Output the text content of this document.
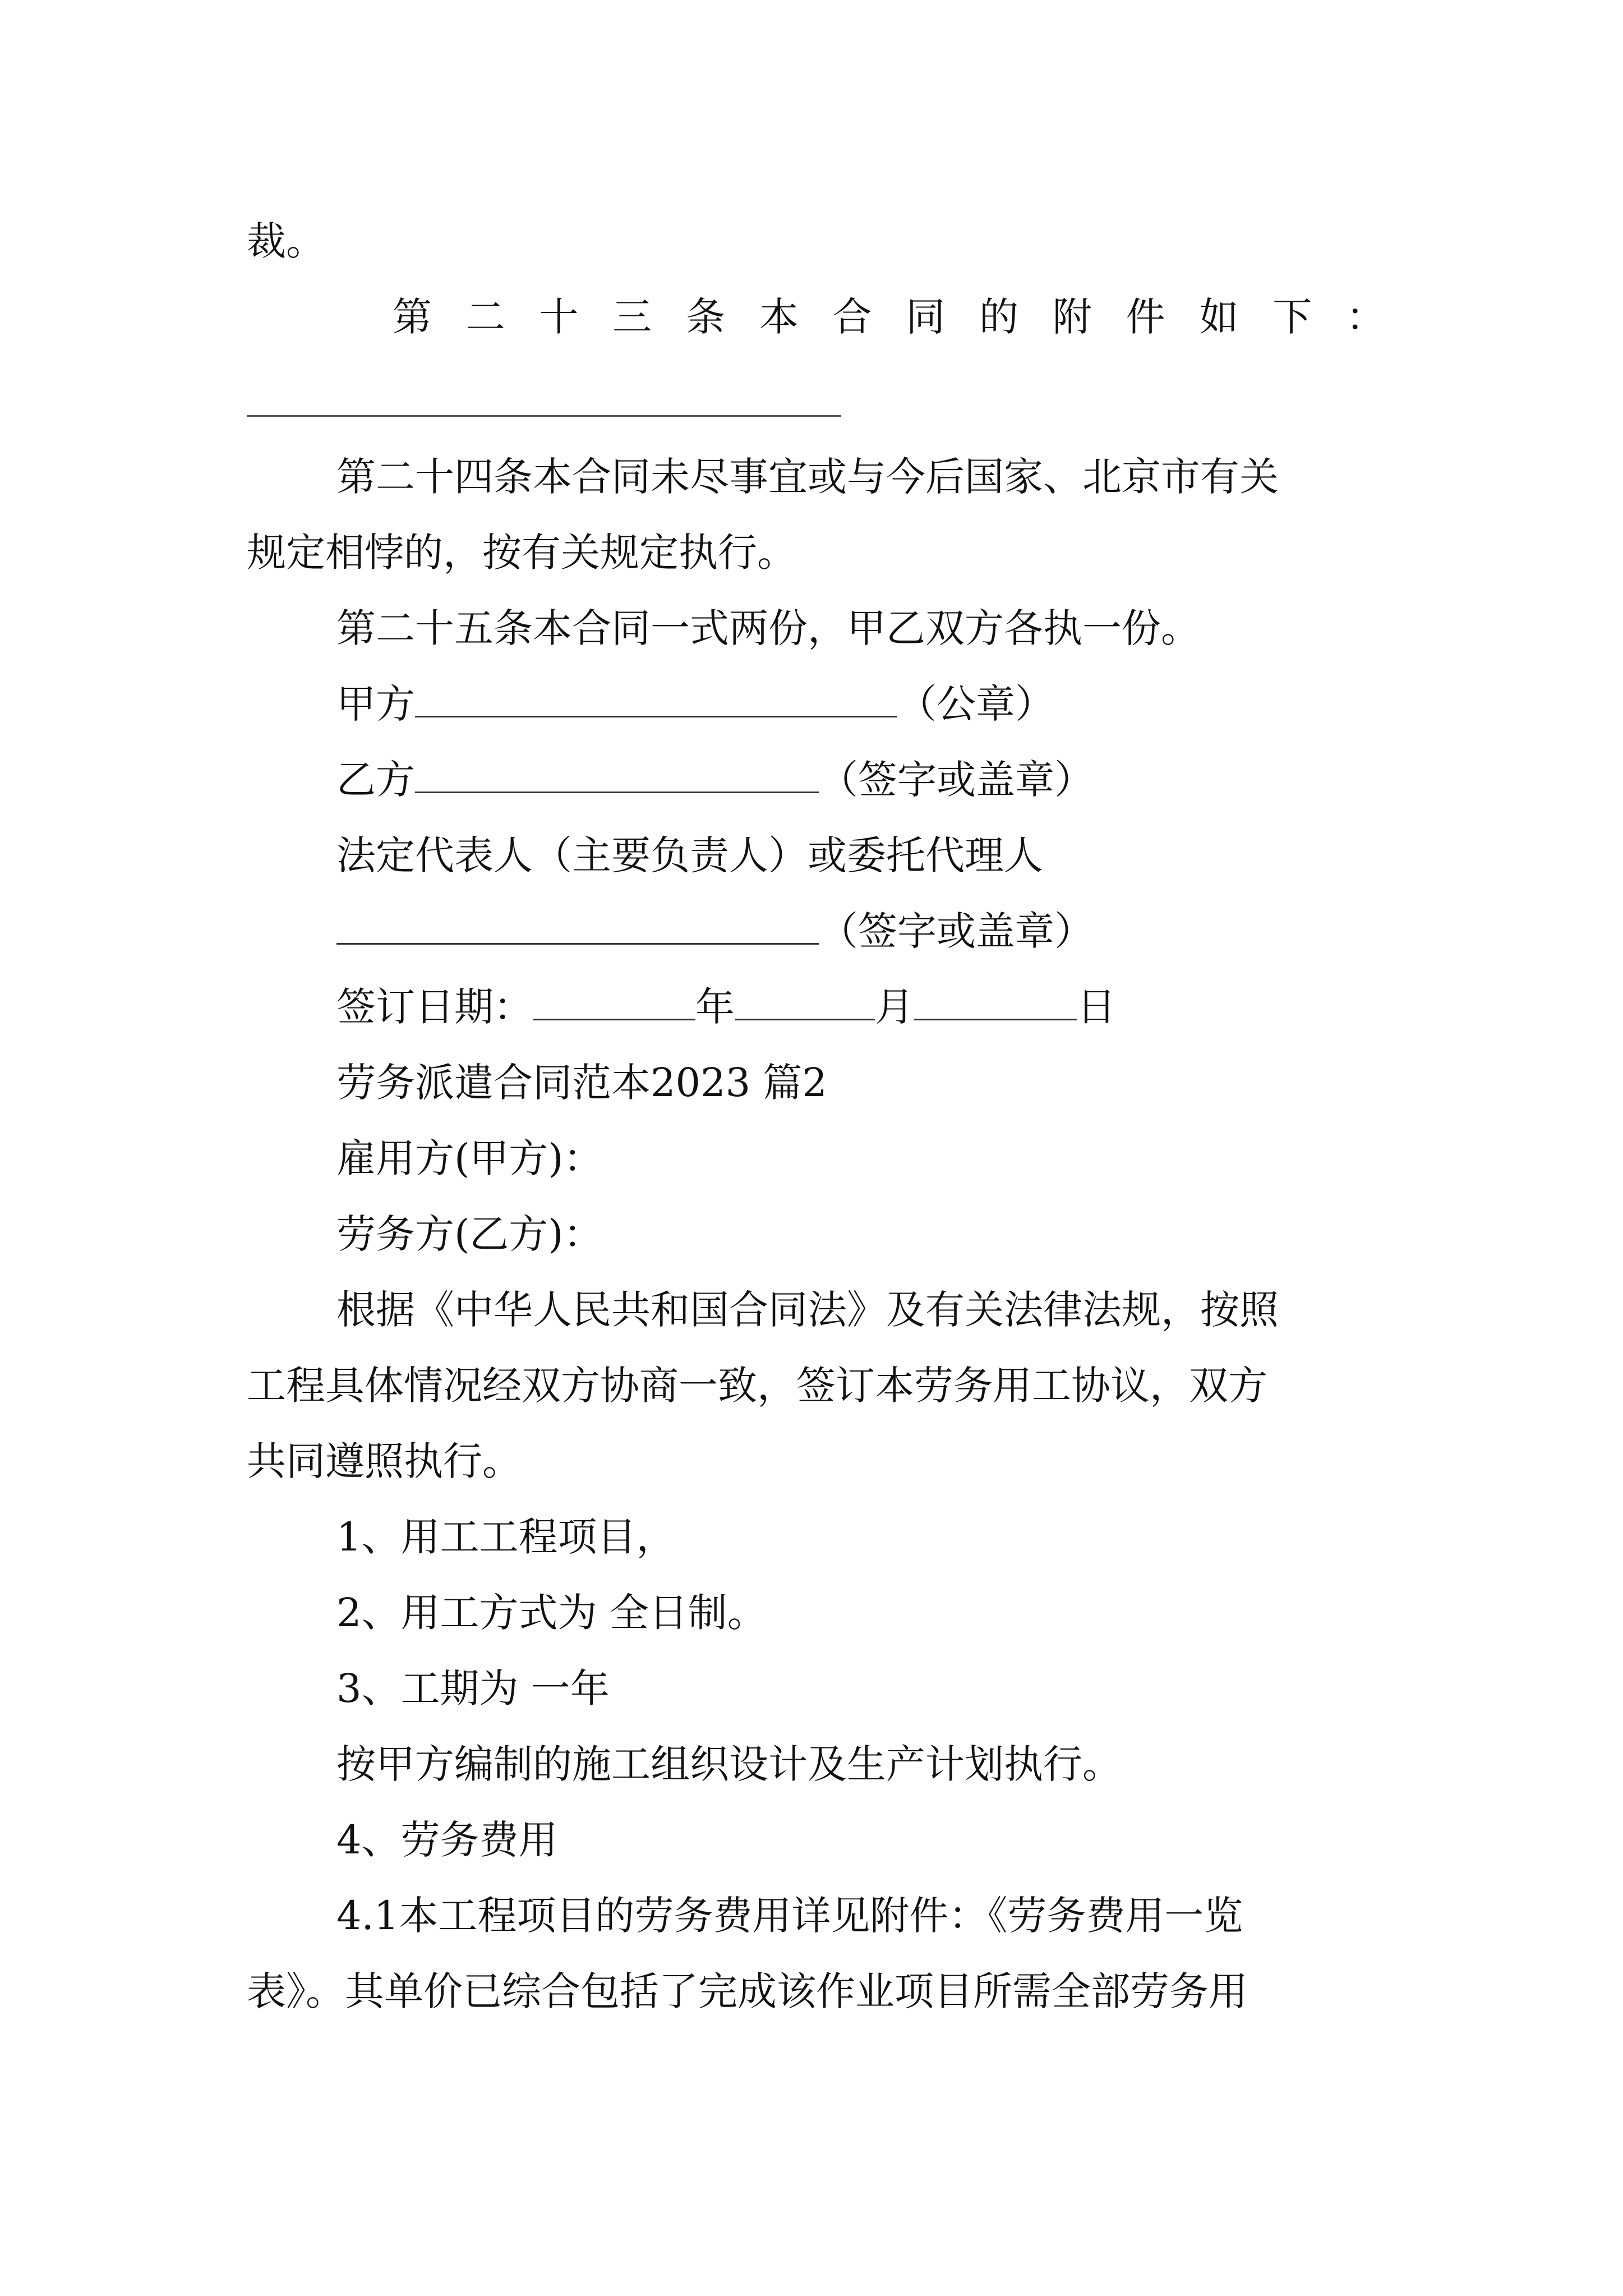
裁。
第 二 十 三 条 本 合 同 的 附 件 如 下 ：
第二十四条本合同未尽事宜或与今后国家、北京市有关
规定相悖的，按有关规定执行。
第二十五条本合同一式两份，甲乙双方各执一份。
甲方	（公章）
乙方	（签字或盖章）
法定代表人（主要负责人）或委托代理人
（签字或盖章）
签订日期：	年	月	日
劳务派遣合同范本2023 篇2
雇用方(甲方)：
劳务方(乙方)：
根据《中华人民共和国合同法》及有关法律法规，按照
工程具体情况经双方协商一致，签订本劳务用工协议，双方
共同遵照执行。
1、用工工程项目，
2、用工方式为 全日制。
3、工期为 一年
按甲方编制的施工组织设计及生产计划执行。
4、劳务费用
4.1本工程项目的劳务费用详见附件：《劳务费用一览
表》。其单价已综合包括了完成该作业项目所需全部劳务用
